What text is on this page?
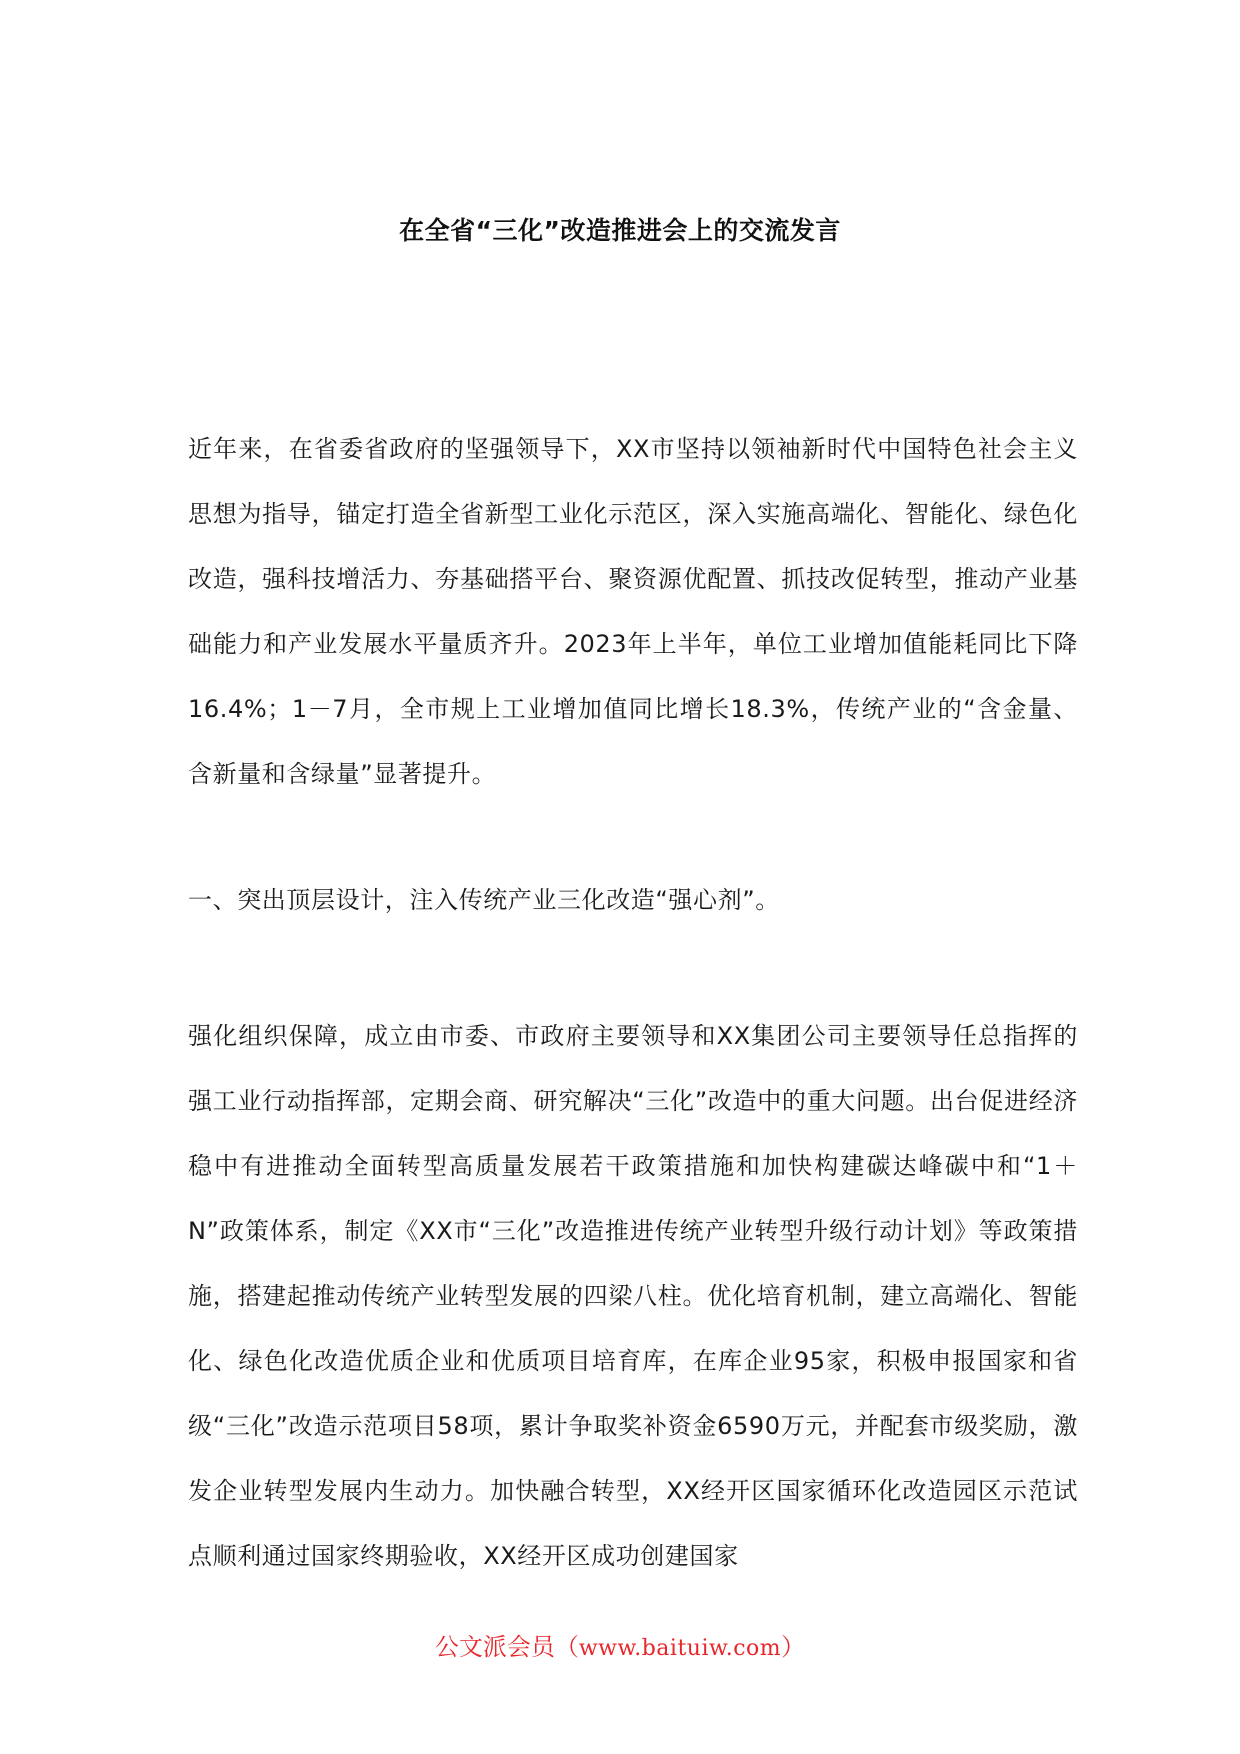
在全省“三化”改造推进会上的交流发言

近年来，在省委省政府的坚强领导下，XX市坚持以领袖新时代中国特色社会主义思想为指导，锚定打造全省新型工业化示范区，深入实施高端化、智能化、绿色化改造，强科技增活力、夯基础搭平台、聚资源优配置、抓技改促转型，推动产业基础能力和产业发展水平量质齐升。2023年上半年，单位工业增加值能耗同比下降16.4%；1－7月，全市规上工业增加值同比增长18.3%，传统产业的“含金量、含新量和含绿量”显著提升。

一、突出顶层设计，注入传统产业三化改造“强心剂”。

强化组织保障，成立由市委、市政府主要领导和XX集团公司主要领导任总指挥的强工业行动指挥部，定期会商、研究解决“三化”改造中的重大问题。出台促进经济稳中有进推动全面转型高质量发展若干政策措施和加快构建碳达峰碳中和“1＋N”政策体系，制定《XX市“三化”改造推进传统产业转型升级行动计划》等政策措施，搭建起推动传统产业转型发展的四梁八柱。优化培育机制，建立高端化、智能化、绿色化改造优质企业和优质项目培育库，在库企业95家，积极申报国家和省级“三化”改造示范项目58项，累计争取奖补资金6590万元，并配套市级奖励，激发企业转型发展内生动力。加快融合转型，XX经开区国家循环化改造园区示范试点顺利通过国家终期验收，XX经开区成功创建国家

公文派会员（www.baituiw.com）
